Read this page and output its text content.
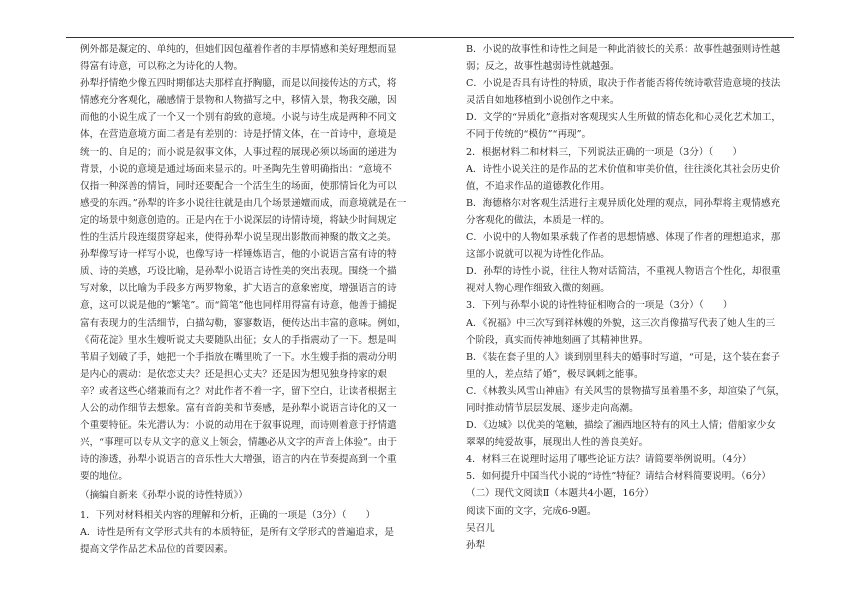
例外都是凝定的、单纯的，但她们因包蕴着作者的丰厚情感和美好理想而显
得富有诗意，可以称之为诗化的人物。
孙犁抒情绝少像五四时期郁达夫那样直抒胸臆，而是以间接传达的方式，将
情感充分客观化，融感情于景物和人物描写之中，移情入景，物我交融，因
而他的小说生成了一个又一个别有韵致的意境。小说与诗生成是两种不同文
体，在营造意境方面二者是有差别的：诗是抒情文体，在一首诗中，意境是
统一的、自足的；而小说是叙事文体，人事过程的展现必须以场面的递进为
背景，小说的意境是通过场面来显示的。叶圣陶先生曾明确指出：“意境不
仅指一种深善的情旨，同时还要配合一个活生生的场面，使那情旨化为可以
感受的东西。”孙犁的许多小说往往就是由几个场景递嬗而成，而意境就是在一
定的场景中刻意创造的。正是内在于小说深层的诗情诗境，将缺少时间规定
性的生活片段连缀贯穿起来，使得孙犁小说呈现出影散而神聚的散文之美。
孙犁像写诗一样写小说，也像写诗一样锤炼语言，他的小说语言富有诗的特
质、诗的美感，巧设比喻，是孙犁小说语言诗性美的突出表现。围绕一个描
写对象，以比喻为手段多方两罗物象，扩大语言的意象密度，增强语言的诗
意，这可以说是他的“繁笔”。而“简笔”他也同样用得富有诗意，他善于捕捉
富有表现力的生活细节，白描勾勒，寥寥数语，便传达出丰富的意味。例如，
《荷花淀》里水生嫂听说丈夫要随队出征；女人的手指震动了一下。想是叫
苇眉子划破了手，她把一个手指放在嘴里吮了一下。水生嫂手指的震动分明
是内心的震动：是依恋丈夫？还是担心丈夫？还是因为想见独身持家的艰
辛？或者这些心绪兼而有之？对此作者不着一字，留下空白，让读者根据主
人公的动作细节去想象。富有音韵美和节奏感，是孙犁小说语言诗化的又一
个重要特征。朱光潜认为：小说的动用在于叙事说理，而诗则着意于抒情遣
兴，“事理可以专从文字的意义上领会，情趣必从文字的声音上体验”。由于
诗的渗透，孙犁小说语言的音乐性大大增强，语言的内在节奏提高到一个重
要的地位。
（摘编自新来《孙犁小说的诗性特质》）
1．下列对材料相关内容的理解和分析，正确的一项是（3分）（　　）
A．诗性是所有文学形式共有的本质特征，是所有文学形式的普遍追求，是
提高文学作品艺术品位的首要因素。
B．小说的故事性和诗性之间是一种此消彼长的关系：故事性越强则诗性越
弱；反之，故事性越弱诗性就越强。
C．小说是否具有诗性的特质，取决于作者能否将传统诗歌营造意境的技法
灵活自如地移植到小说创作之中来。
D．文学的“异质化”意指对客观现实人生所做的情态化和心灵化艺术加工，
不同于传统的“模仿”“再现”。
2．根据材料二和材料三，下列说法正确的一项是（3分）（　　）
A．诗性小说关注的是作品的艺术价值和审美价值，往往淡化其社会历史价
值，不追求作品的道德教化作用。
B．海德格尔对客观生活进行主观异质化处理的观点，同孙犁将主观情感充
分客观化的做法，本质是一样的。
C．小说中的人物如果承载了作者的思想情感、体现了作者的理想追求，那
这部小说就可以视为诗性化作品。
D．孙犁的诗性小说，往往人物对话简洁，不重视人物语言个性化，却很重
视对人物心理作细致入微的刻画。
3．下列与孙犁小说的诗性特征相吻合的一项是（3分）（　　）
A．《祝福》中三次写到祥林嫂的外貌，这三次肖像描写代表了她人生的三
个阶段，真实而传神地刻画了其精神世界。
B．《装在套子里的人》谈到别里科夫的婚事时写道，“可是，这个装在套子
里的人，差点结了婚”，极尽讽刺之能事。
C．《林教头风雪山神庙》有关风雪的景物描写虽着墨不多，却渲染了气氛，
同时推动情节层层发展、逐步走向高潮。
D．《边城》以优美的笔触，描绘了湘西地区特有的风土人情；借船家少女
翠翠的纯爱故事，展现出人性的善良美好。
4．材料三在说理时运用了哪些论证方法？请简要举例说明。（4分）
5．如何提升中国当代小说的“诗性”特征？请结合材料简要说明。（6分）
（二）现代文阅读Ⅱ（本题共4小题，16分）
阅读下面的文字，完成6-9题。
吴召儿
孙犁
